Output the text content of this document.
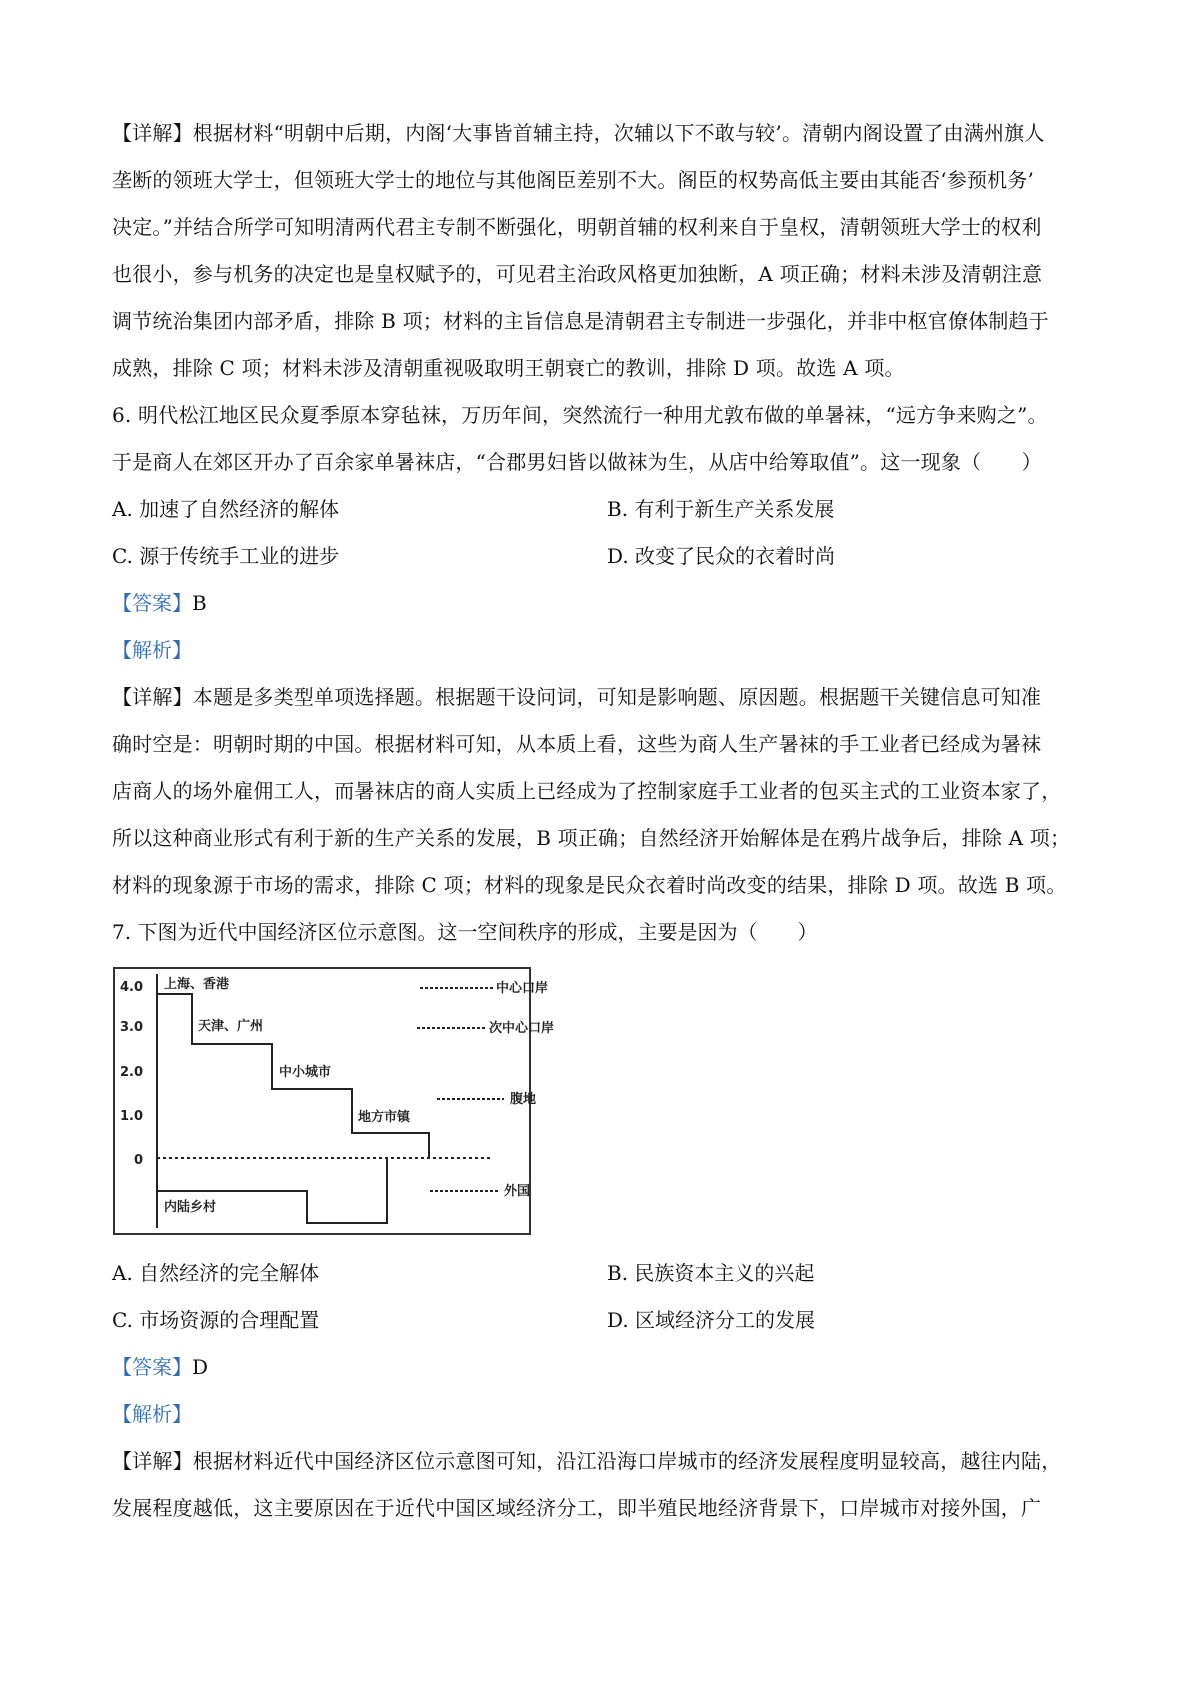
【详解】根据材料“明朝中后期，内阁‘大事皆首辅主持，次辅以下不敢与较’。清朝内阁设置了由满州旗人
垄断的领班大学士，但领班大学士的地位与其他阁臣差别不大。阁臣的权势高低主要由其能否‘参预机务’
决定。”并结合所学可知明清两代君主专制不断强化，明朝首辅的权利来自于皇权，清朝领班大学士的权利
也很小，参与机务的决定也是皇权赋予的，可见君主治政风格更加独断，A 项正确；材料未涉及清朝注意
调节统治集团内部矛盾，排除 B 项；材料的主旨信息是清朝君主专制进一步强化，并非中枢官僚体制趋于
成熟，排除 C 项；材料未涉及清朝重视吸取明王朝衰亡的教训，排除 D 项。故选 A 项。
6. 明代松江地区民众夏季原本穿毡袜，万历年间，突然流行一种用尤敦布做的单暑袜，“远方争来购之”。
于是商人在郊区开办了百余家单暑袜店，“合郡男妇皆以做袜为生，从店中给筹取值”。这一现象（　　）
A. 加速了自然经济的解体	B. 有利于新生产关系发展
C. 源于传统手工业的进步	D. 改变了民众的衣着时尚
【答案】B
【解析】
【详解】本题是多类型单项选择题。根据题干设问词，可知是影响题、原因题。根据题干关键信息可知准
确时空是：明朝时期的中国。根据材料可知，从本质上看，这些为商人生产暑袜的手工业者已经成为暑袜
店商人的场外雇佣工人，而暑袜店的商人实质上已经成为了控制家庭手工业者的包买主式的工业资本家了，
所以这种商业形式有利于新的生产关系的发展，B 项正确；自然经济开始解体是在鸦片战争后，排除 A 项；
材料的现象源于市场的需求，排除 C 项；材料的现象是民众衣着时尚改变的结果，排除 D 项。故选 B 项。
7. 下图为近代中国经济区位示意图。这一空间秩序的形成，主要是因为（　　）
4.0
3.0
2.0
1.0
0
上海、香港
天津、广州
中小城市
地方市镇
内陆乡村
中心口岸
次中心口岸
腹地
外国
A. 自然经济的完全解体	B. 民族资本主义的兴起
C. 市场资源的合理配置	D. 区域经济分工的发展
【答案】D
【解析】
【详解】根据材料近代中国经济区位示意图可知，沿江沿海口岸城市的经济发展程度明显较高，越往内陆，
发展程度越低，这主要原因在于近代中国区域经济分工，即半殖民地经济背景下，口岸城市对接外国，广
